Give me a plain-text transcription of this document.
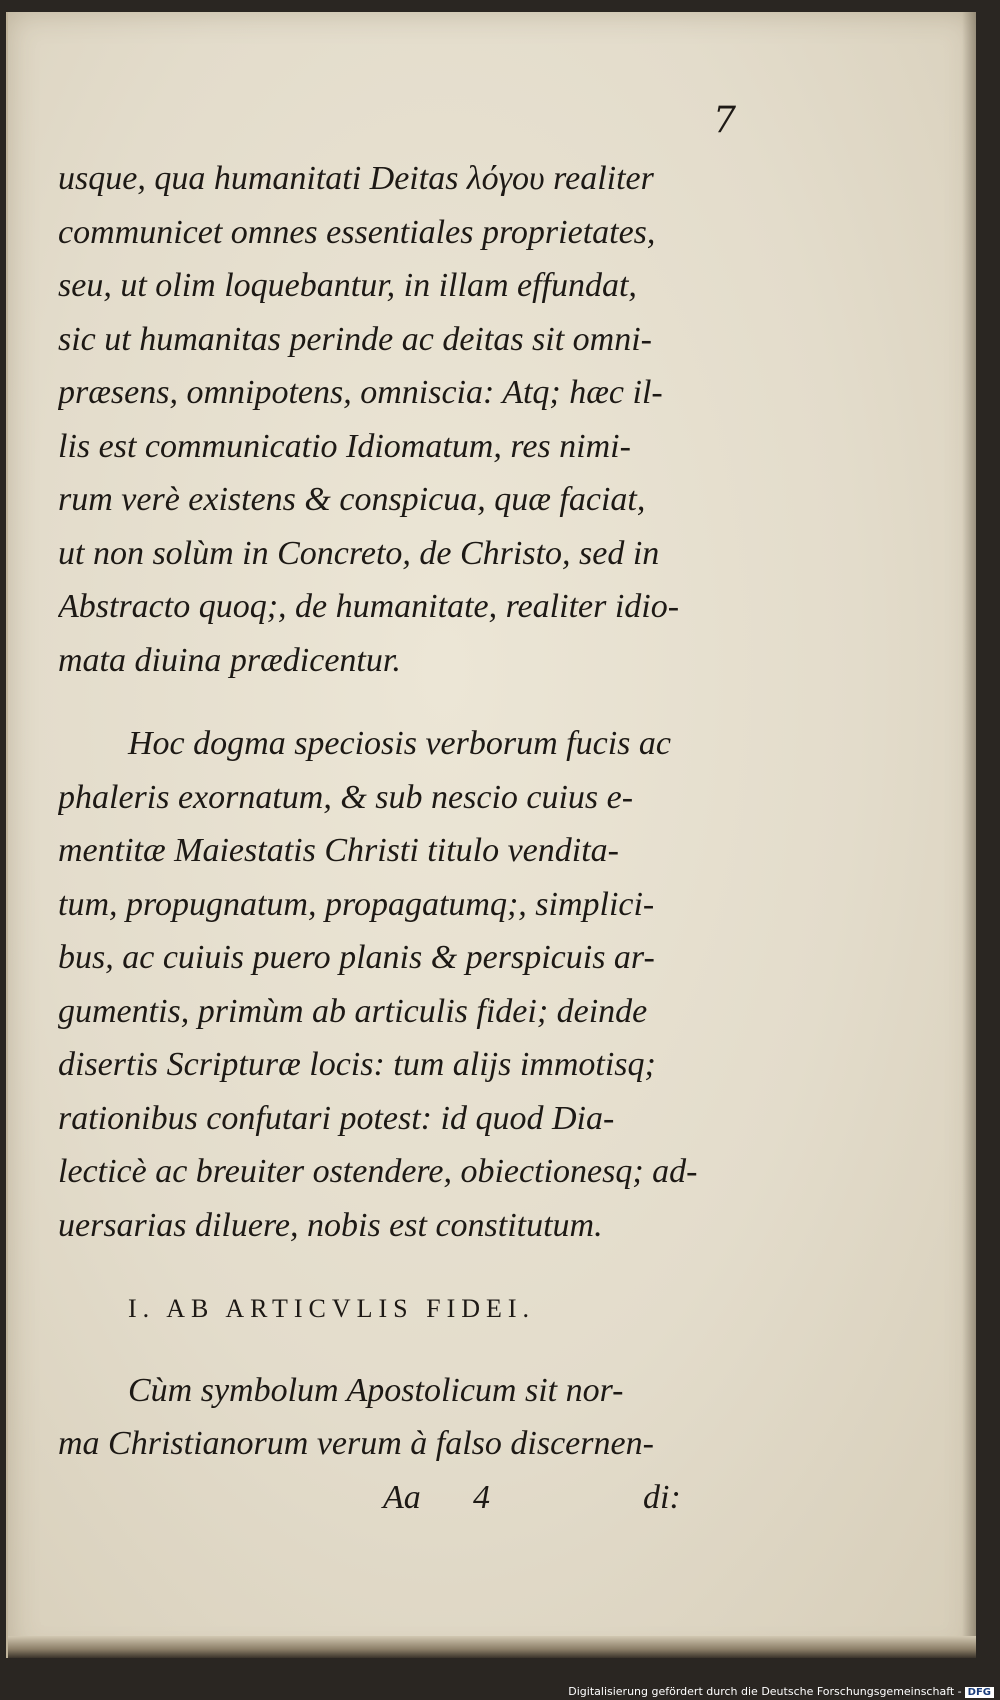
7
usque, qua humanitati Deitas λόγου realiter
communicet omnes essentiales proprietates,
seu, ut olim loquebantur, in illam effundat,
sic ut humanitas perinde ac deitas sit omni-
præsens, omnipotens, omniscia: Atq; hæc il-
lis est communicatio Idiomatum, res nimi-
rum verè existens & conspicua, quæ faciat,
ut non solùm in Concreto, de Christo, sed in
Abstracto quoq;, de humanitate, realiter idio-
mata diuina prædicentur.
Hoc dogma speciosis verborum fucis ac
phaleris exornatum, & sub nescio cuius e-
mentitæ Maiestatis Christi titulo vendita-
tum, propugnatum, propagatumq;, simplici-
bus, ac cuiuis puero planis & perspicuis ar-
gumentis, primùm ab articulis fidei; deinde
disertis Scripturæ locis: tum alijs immotisq;
rationibus confutari potest: id quod Dia-
lecticè ac breuiter ostendere, obiectionesq; ad-
uersarias diluere, nobis est constitutum.
I. AB ARTICVLIS FIDEI.
Cùm symbolum Apostolicum sit nor-
ma Christianorum verum à falso discernen-
Aa 4	di:
Digitalisierung gefördert durch die Deutsche Forschungsgemeinschaft - DFG
